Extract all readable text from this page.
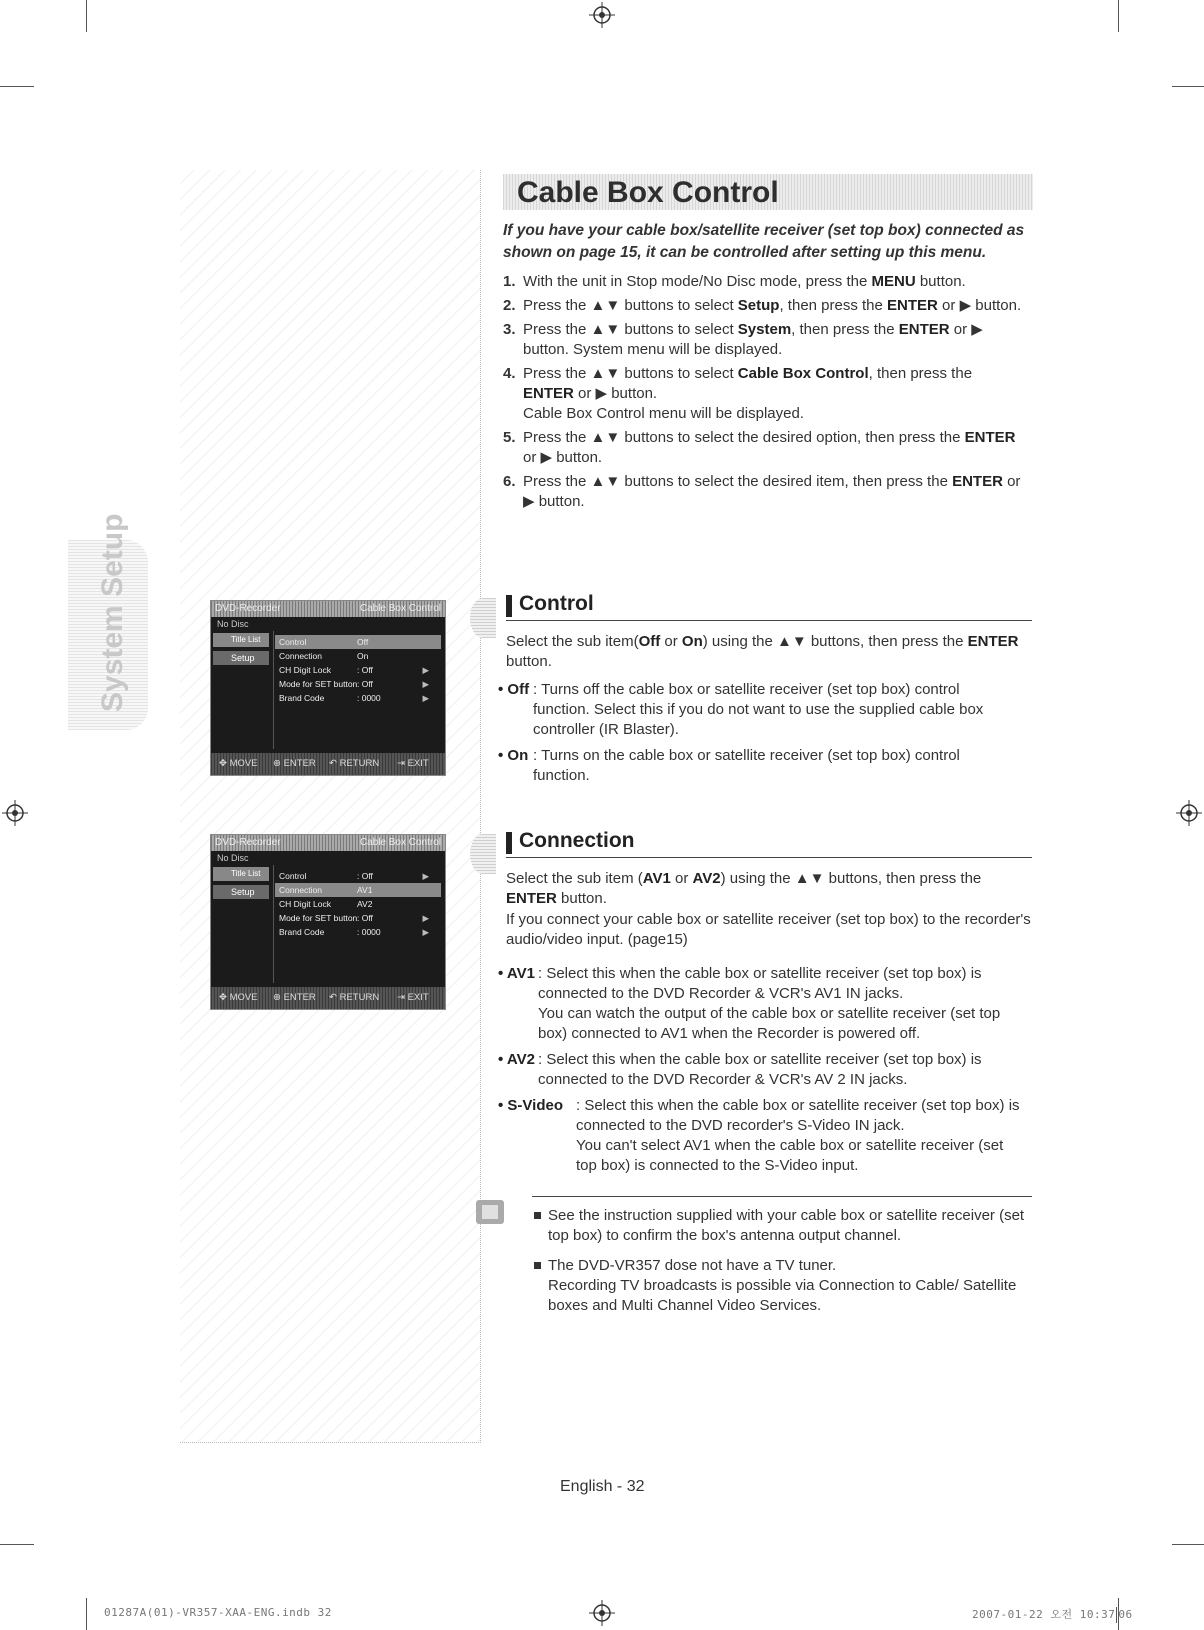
System Setup
Cable Box Control
If you have your cable box/satellite receiver (set top box) connected as shown on page 15, it can be controlled after setting up this menu.
1. With the unit in Stop mode/No Disc mode, press the MENU button.
2. Press the ▲▼ buttons to select Setup, then press the ENTER or ▶ button.
3. Press the ▲▼ buttons to select System, then press the ENTER or ▶ button. System menu will be displayed.
4. Press the ▲▼ buttons to select Cable Box Control, then press the ENTER or ▶ button.
Cable Box Control menu will be displayed.
5. Press the ▲▼ buttons to select the desired option, then press the ENTER or ▶ button.
6. Press the ▲▼ buttons to select the desired item, then press the ENTER or ▶ button.
DVD-Recorder	Cable Box Control
No Disc
Title List
Setup
Control	Off
Connection	On
CH Digit Lock	: Off	▶
Mode for SET button : Off	▶
Brand Code	: 0000	▶
✥ MOVE ⊕ ENTER ↶ RETURN ⇥ EXIT
Control
Select the sub item(Off or On) using the ▲▼ buttons, then press the ENTER button.
• Off : Turns off the cable box or satellite receiver (set top box) control function. Select this if you do not want to use the supplied cable box controller (IR Blaster).
• On : Turns on the cable box or satellite receiver (set top box) control function.
DVD-Recorder	Cable Box Control
No Disc
Title List
Setup
Control	: Off	▶
Connection	AV1
CH Digit Lock	AV2
Mode for SET button : Off	▶
Brand Code	: 0000	▶
✥ MOVE ⊕ ENTER ↶ RETURN ⇥ EXIT
Connection
Select the sub item (AV1 or AV2) using the ▲▼ buttons, then press the ENTER button.
If you connect your cable box or satellite receiver (set top box) to the recorder's audio/video input. (page15)
• AV1 : Select this when the cable box or satellite receiver (set top box) is connected to the DVD Recorder & VCR's AV1 IN jacks.
You can watch the output of the cable box or satellite receiver (set top box) connected to AV1 when the Recorder is powered off.
• AV2 : Select this when the cable box or satellite receiver (set top box) is connected to the DVD Recorder & VCR's AV 2 IN jacks.
• S-Video : Select this when the cable box or satellite receiver (set top box) is connected to the DVD recorder's S-Video IN jack.
You can't select AV1 when the cable box or satellite receiver (set top box) is connected to the S-Video input.
See the instruction supplied with your cable box or satellite receiver (set top box) to confirm the box's antenna output channel.
The DVD-VR357 dose not have a TV tuner.
Recording TV broadcasts is possible via Connection to Cable/ Satellite boxes and Multi Channel Video Services.
English - 32
01287A(01)-VR357-XAA-ENG.indb 32	2007-01-22 오전 10:37 06
